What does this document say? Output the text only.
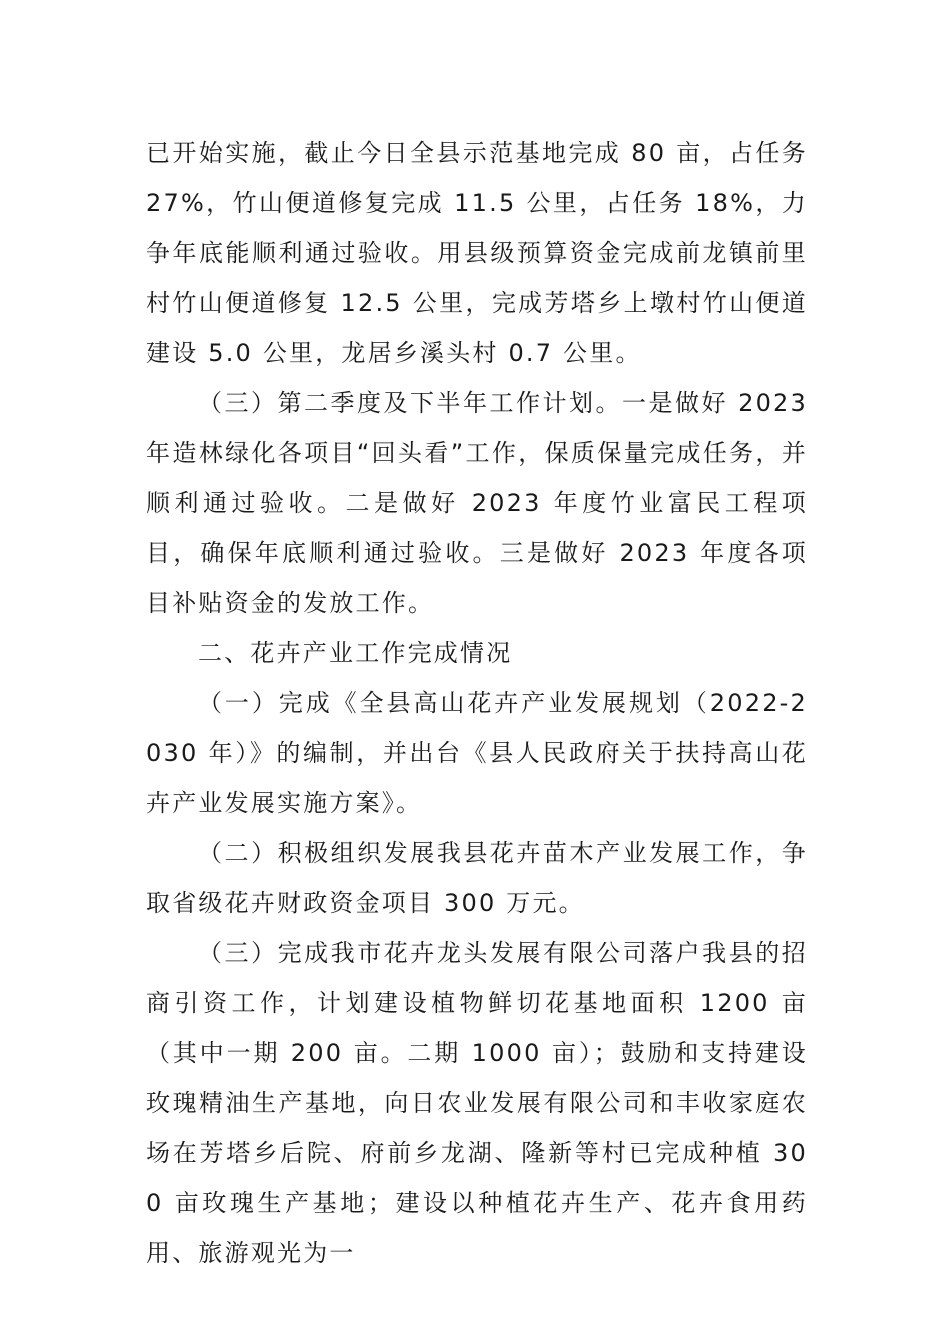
已开始实施，截止今日全县示范基地完成 80 亩，占任务 27%，竹山便道修复完成 11.5 公里，占任务 18%，力争年底能顺利通过验收。用县级预算资金完成前龙镇前里村竹山便道修复 12.5 公里，完成芳塔乡上墩村竹山便道建设 5.0 公里，龙居乡溪头村 0.7 公里。

（三）第二季度及下半年工作计划。一是做好 2023 年造林绿化各项目“回头看”工作，保质保量完成任务，并顺利通过验收。二是做好 2023 年度竹业富民工程项目，确保年底顺利通过验收。三是做好 2023 年度各项目补贴资金的发放工作。

二、花卉产业工作完成情况

（一）完成《全县高山花卉产业发展规划（2022-2030 年）》的编制，并出台《县人民政府关于扶持高山花卉产业发展实施方案》。

（二）积极组织发展我县花卉苗木产业发展工作，争取省级花卉财政资金项目 300 万元。

（三）完成我市花卉龙头发展有限公司落户我县的招商引资工作，计划建设植物鲜切花基地面积 1200 亩（其中一期 200 亩。二期 1000 亩）；鼓励和支持建设玫瑰精油生产基地，向日农业发展有限公司和丰收家庭农场在芳塔乡后院、府前乡龙湖、隆新等村已完成种植 300 亩玫瑰生产基地；建设以种植花卉生产、花卉食用药用、旅游观光为一
